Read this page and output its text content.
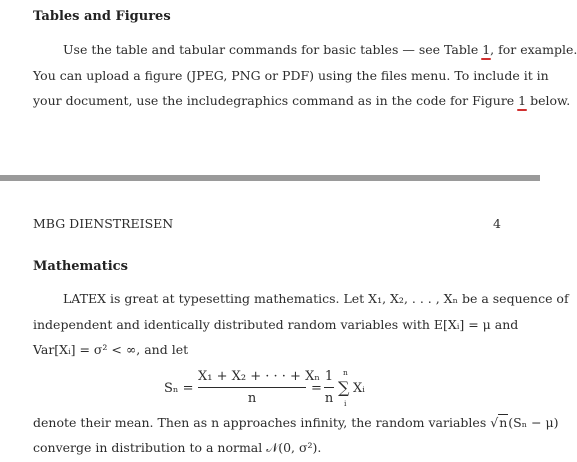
Tables and Figures
Use the table and tabular commands for basic tables — see Table 1, for example.
You can upload a figure (JPEG, PNG or PDF) using the files menu. To include it in
your document, use the includegraphics command as in the code for Figure 1 below.
MBG DIENSTREISEN	4
Mathematics
LATEX is great at typesetting mathematics. Let X₁, X₂, . . . , Xₙ be a sequence of
independent and identically distributed random variables with E[Xᵢ] = μ and
Var[Xᵢ] = σ² < ∞, and let
Sₙ =
X₁ + X₂ + · · · + Xₙ
n
=
1
n
∑
n
i
Xᵢ
denote their mean. Then as n approaches infinity, the random variables √n(Sₙ − μ)
converge in distribution to a normal 𝒩(0, σ²).
